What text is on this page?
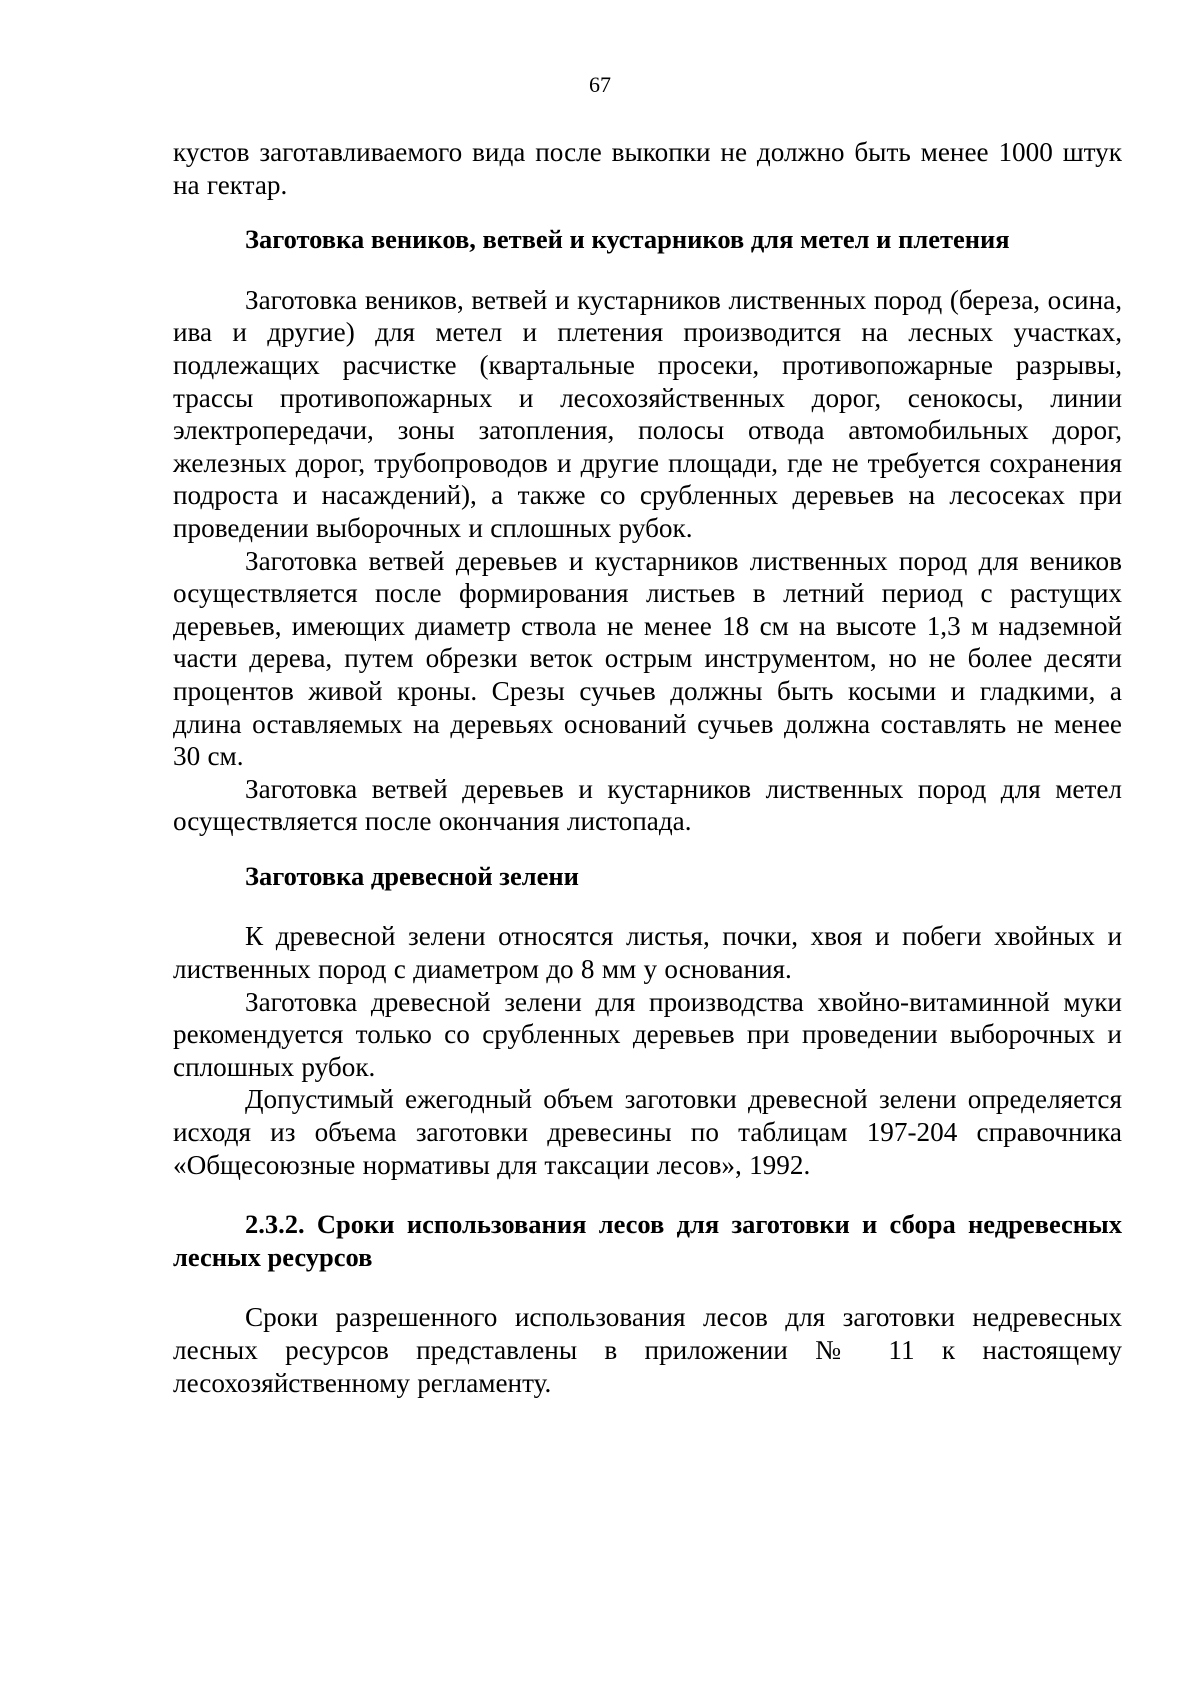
67

кустов заготавливаемого вида после выкопки не должно быть менее 1000 штук на гектар.

Заготовка веников, ветвей и кустарников для метел и плетения

Заготовка веников, ветвей и кустарников лиственных пород (береза, осина, ива и другие) для метел и плетения производится на лесных участках, подлежащих расчистке (квартальные просеки, противопожарные разрывы, трассы противопожарных и лесохозяйственных дорог, сенокосы, линии электропередачи, зоны затопления, полосы отвода автомобильных дорог, железных дорог, трубопроводов и другие площади, где не требуется сохранения подроста и насаждений), а также со срубленных деревьев на лесосеках при проведении выборочных и сплошных рубок.

Заготовка ветвей деревьев и кустарников лиственных пород для веников осуществляется после формирования листьев в летний период с растущих деревьев, имеющих диаметр ствола не менее 18 см на высоте 1,3 м надземной части дерева, путем обрезки веток острым инструментом, но не более десяти процентов живой кроны. Срезы сучьев должны быть косыми и гладкими, а длина оставляемых на деревьях оснований сучьев должна составлять не менее 30 см.

Заготовка ветвей деревьев и кустарников лиственных пород для метел осуществляется после окончания листопада.

Заготовка древесной зелени

К древесной зелени относятся листья, почки, хвоя и побеги хвойных и лиственных пород с диаметром до 8 мм у основания.

Заготовка древесной зелени для производства хвойно-витаминной муки рекомендуется только со срубленных деревьев при проведении выборочных и сплошных рубок.

Допустимый ежегодный объем заготовки древесной зелени определяется исходя из объема заготовки древесины по таблицам 197-204 справочника «Общесоюзные нормативы для таксации лесов», 1992.

2.3.2. Сроки использования лесов для заготовки и сбора недревесных лесных ресурсов

Сроки разрешенного использования лесов для заготовки недревесных лесных ресурсов представлены в приложении № 11 к настоящему лесохозяйственному регламенту.
